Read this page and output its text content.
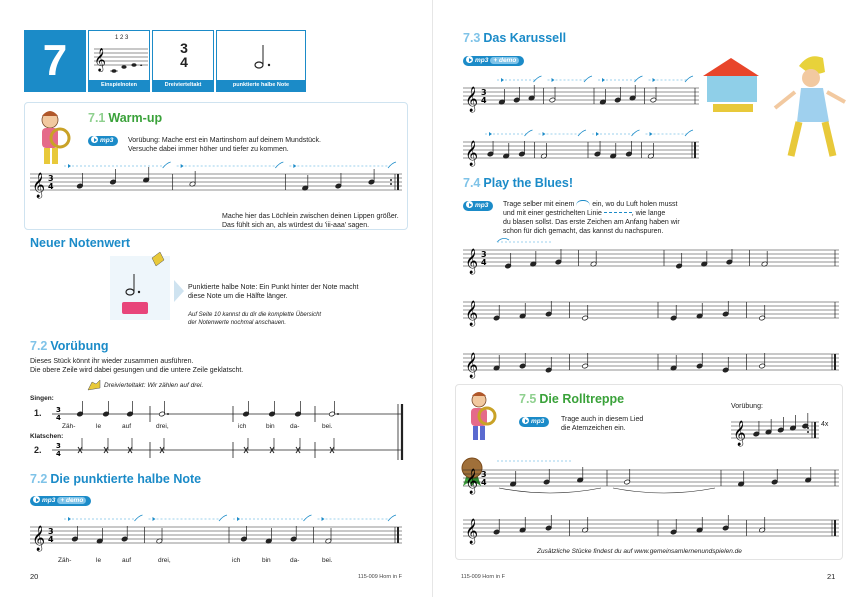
7	𝄞	𝅝
1 2 3
Einspielnoten
3
4
Dreivierteltakt	punktierte halbe Note
7.1 Warm-up
mp3	Vorübung: Mache erst ein Martinshorn auf deinem Mundstück.
Versuche dabei immer höher und tiefer zu kommen.
𝄞 3
4
Mache hier das Löchlein zwischen deinen Lippen größer.
Das fühlt sich an, als würdest du 'iii-aaa' sagen.
Neuer Notenwert
Punktierte halbe Note: Ein Punkt hinter der Note macht
diese Note um die Hälfte länger.
Auf Seite 10 kannst du dir die komplette Übersicht
der Notenwerte nochmal anschauen.
7.2 Vorübung
Dieses Stück könnt ihr wieder zusammen ausführen.
Die obere Zeile wird dabei gesungen und die untere Zeile geklatscht.
Dreivierteltakt: Wir zählen auf drei.
Singen:
1.
Klatschen:
2.
3
4
3
4
Zäh-	le	auf	drei,	ich	bin da-	bei.
7.2 Die punktierte halbe Note
mp3 + demo
𝄞 3
4
Zäh-	le	auf	drei,	ich	bin	da-	bei.
20	115-009 Horn in F
7.3 Das Karussell
mp3 + demo
𝄞 3
4
𝄞
7.4 Play the Blues!
mp3	Trage selber mit einem	ein, wo du Luft holen musst
und mit einer gestrichelten Linie	, wie lange
du blasen sollst. Das erste Zeichen am Anfang haben wir
schon für dich gemacht, das kannst du nachspuren.
𝄞 3
4
𝄞
𝄞
7.5 Die Rolltreppe
mp3	Trage auch in diesem Lied
die Atemzeichen ein.
Vorübung:
𝄞	4x
𝄞 3
4
𝄞
Zusätzliche Stücke findest du auf www.gemeinsamlernenundspielen.de
115-009 Horn in F	21
